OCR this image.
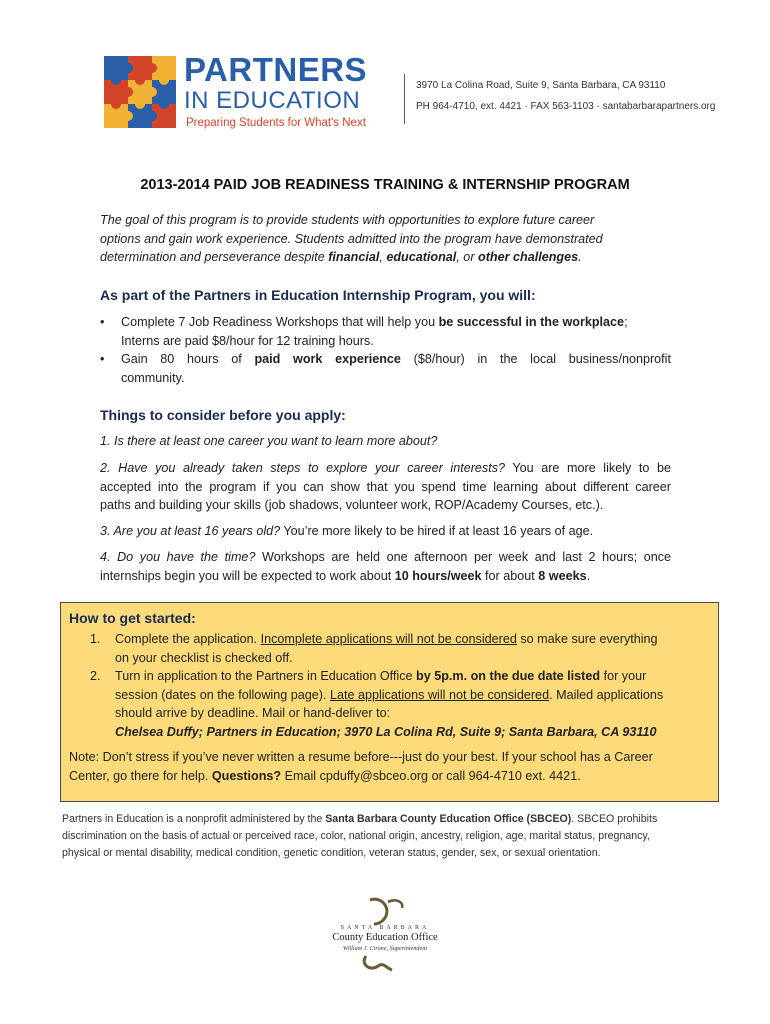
PARTNERS
IN EDUCATION
Preparing Students for What's Next
3970 La Colina Road, Suite 9, Santa Barbara, CA 93110
PH 964-4710, ext. 4421 · FAX 563-1103 · santabarbarapartners.org
2013-2014 PAID JOB READINESS TRAINING & INTERNSHIP PROGRAM
The goal of this program is to provide students with opportunities to explore future career
options and gain work experience. Students admitted into the program have demonstrated
determination and perseverance despite financial, educational, or other challenges.
As part of the Partners in Education Internship Program, you will:
•	Complete 7 Job Readiness Workshops that will help you be successful in the workplace;
Interns are paid $8/hour for 12 training hours.
•	Gain 80 hours of paid work experience ($8/hour) in the local business/nonprofit
community.
Things to consider before you apply:
1. Is there at least one career you want to learn more about?
2. Have you already taken steps to explore your career interests? You are more likely to be
accepted into the program if you can show that you spend time learning about different career
paths and building your skills (job shadows, volunteer work, ROP/Academy Courses, etc.).
3. Are you at least 16 years old? You’re more likely to be hired if at least 16 years of age.
4. Do you have the time? Workshops are held one afternoon per week and last 2 hours; once
internships begin you will be expected to work about 10 hours/week for about 8 weeks.
How to get started:
1. Complete the application. Incomplete applications will not be considered so make sure everything
on your checklist is checked off.
2. Turn in application to the Partners in Education Office by 5p.m. on the due date listed for your
session (dates on the following page). Late applications will not be considered. Mailed applications
should arrive by deadline. Mail or hand-deliver to:
Chelsea Duffy; Partners in Education; 3970 La Colina Rd, Suite 9; Santa Barbara, CA 93110
Note: Don’t stress if you’ve never written a resume before---just do your best. If your school has a Career
Center, go there for help. Questions? Email cpduffy@sbceo.org or call 964-4710 ext. 4421.
Partners in Education is a nonprofit administered by the Santa Barbara County Education Office (SBCEO). SBCEO prohibits
discrimination on the basis of actual or perceived race, color, national origin, ancestry, religion, age, marital status, pregnancy,
physical or mental disability, medical condition, genetic condition, veteran status, gender, sex, or sexual orientation.
SANTA BARBARA
County Education Office
William J. Cirone, Superintendent
